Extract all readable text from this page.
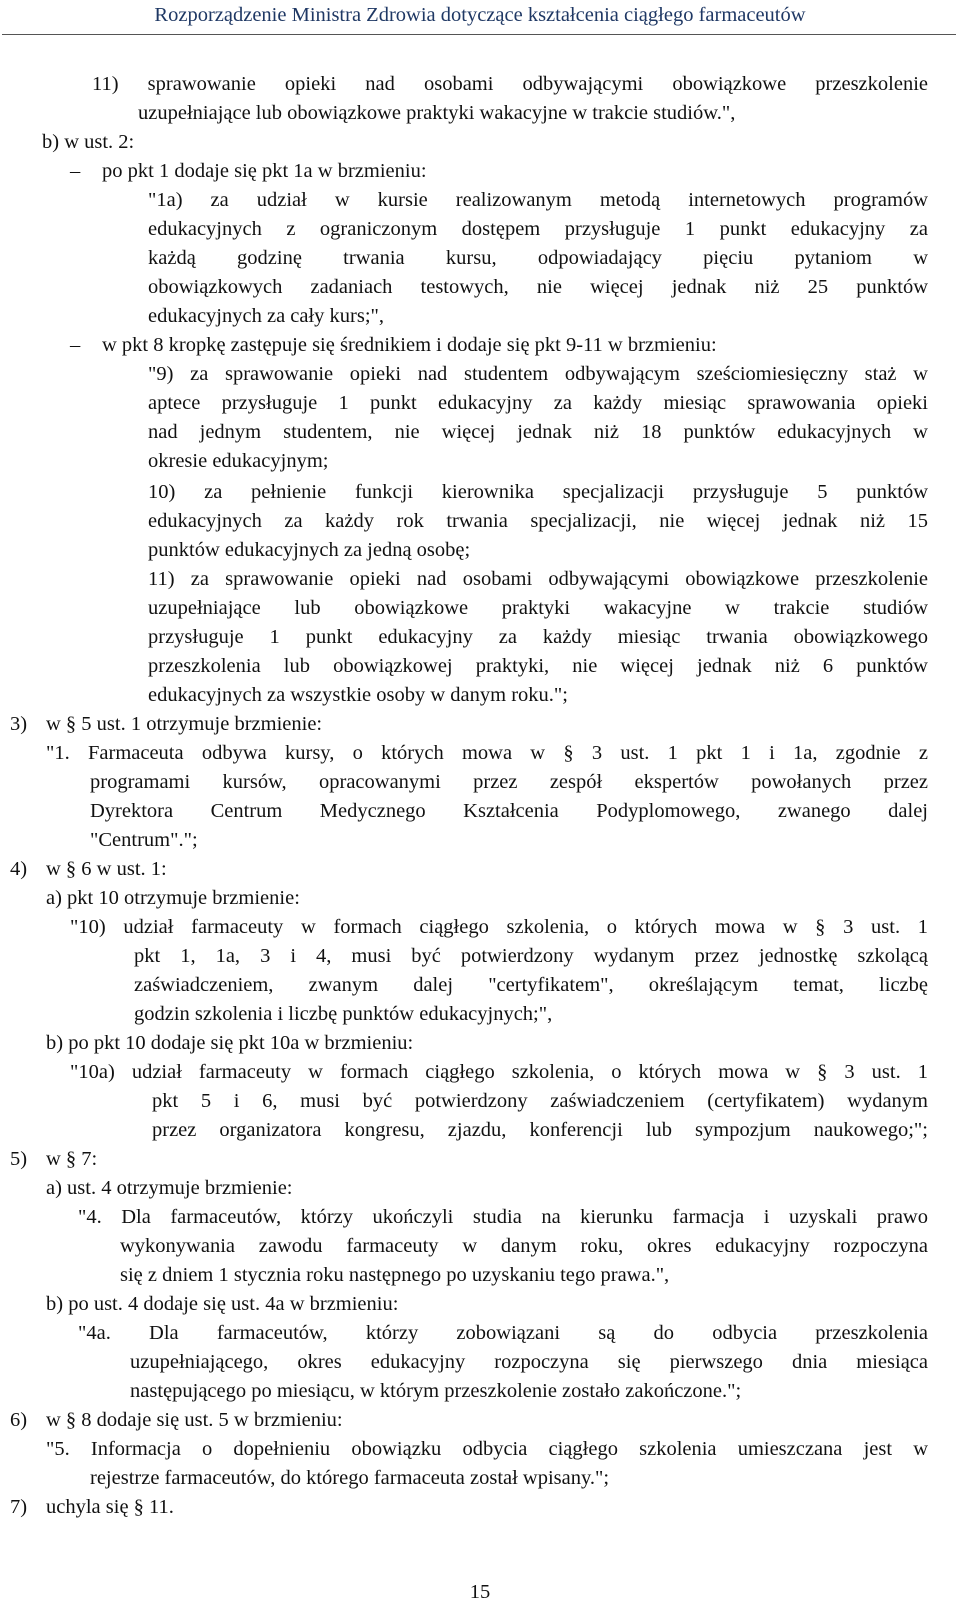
Rozporządzenie Ministra Zdrowia dotyczące kształcenia ciągłego farmaceutów
11) sprawowanie opieki nad osobami odbywającymi obowiązkowe przeszkolenie
uzupełniające lub obowiązkowe praktyki wakacyjne w trakcie studiów.",
b) w ust. 2:
– po pkt 1 dodaje się pkt 1a w brzmieniu:
"1a) za udział w kursie realizowanym metodą internetowych programów
edukacyjnych z ograniczonym dostępem przysługuje 1 punkt edukacyjny za
każdą godzinę trwania kursu, odpowiadający pięciu pytaniom w
obowiązkowych zadaniach testowych, nie więcej jednak niż 25 punktów
edukacyjnych za cały kurs;",
– w pkt 8 kropkę zastępuje się średnikiem i dodaje się pkt 9-11 w brzmieniu:
"9) za sprawowanie opieki nad studentem odbywającym sześciomiesięczny staż w
aptece przysługuje 1 punkt edukacyjny za każdy miesiąc sprawowania opieki
nad jednym studentem, nie więcej jednak niż 18 punktów edukacyjnych w
okresie edukacyjnym;
10) za pełnienie funkcji kierownika specjalizacji przysługuje 5 punktów
edukacyjnych za każdy rok trwania specjalizacji, nie więcej jednak niż 15
punktów edukacyjnych za jedną osobę;
11) za sprawowanie opieki nad osobami odbywającymi obowiązkowe przeszkolenie
uzupełniające lub obowiązkowe praktyki wakacyjne w trakcie studiów
przysługuje 1 punkt edukacyjny za każdy miesiąc trwania obowiązkowego
przeszkolenia lub obowiązkowej praktyki, nie więcej jednak niż 6 punktów
edukacyjnych za wszystkie osoby w danym roku.";
3) w § 5 ust. 1 otrzymuje brzmienie:
"1. Farmaceuta odbywa kursy, o których mowa w § 3 ust. 1 pkt 1 i 1a, zgodnie z
programami kursów, opracowanymi przez zespół ekspertów powołanych przez
Dyrektora Centrum Medycznego Kształcenia Podyplomowego, zwanego dalej
"Centrum".";
4) w § 6 w ust. 1:
a) pkt 10 otrzymuje brzmienie:
"10) udział farmaceuty w formach ciągłego szkolenia, o których mowa w § 3 ust. 1
pkt 1, 1a, 3 i 4, musi być potwierdzony wydanym przez jednostkę szkolącą
zaświadczeniem, zwanym dalej "certyfikatem", określającym temat, liczbę
godzin szkolenia i liczbę punktów edukacyjnych;",
b) po pkt 10 dodaje się pkt 10a w brzmieniu:
"10a) udział farmaceuty w formach ciągłego szkolenia, o których mowa w § 3 ust. 1
pkt 5 i 6, musi być potwierdzony zaświadczeniem (certyfikatem) wydanym
przez organizatora kongresu, zjazdu, konferencji lub sympozjum naukowego;";
5) w § 7:
a) ust. 4 otrzymuje brzmienie:
"4. Dla farmaceutów, którzy ukończyli studia na kierunku farmacja i uzyskali prawo
wykonywania zawodu farmaceuty w danym roku, okres edukacyjny rozpoczyna
się z dniem 1 stycznia roku następnego po uzyskaniu tego prawa.",
b) po ust. 4 dodaje się ust. 4a w brzmieniu:
"4a. Dla farmaceutów, którzy zobowiązani są do odbycia przeszkolenia
uzupełniającego, okres edukacyjny rozpoczyna się pierwszego dnia miesiąca
następującego po miesiącu, w którym przeszkolenie zostało zakończone.";
6) w § 8 dodaje się ust. 5 w brzmieniu:
"5. Informacja o dopełnieniu obowiązku odbycia ciągłego szkolenia umieszczana jest w
rejestrze farmaceutów, do którego farmaceuta został wpisany.";
7) uchyla się § 11.
15
